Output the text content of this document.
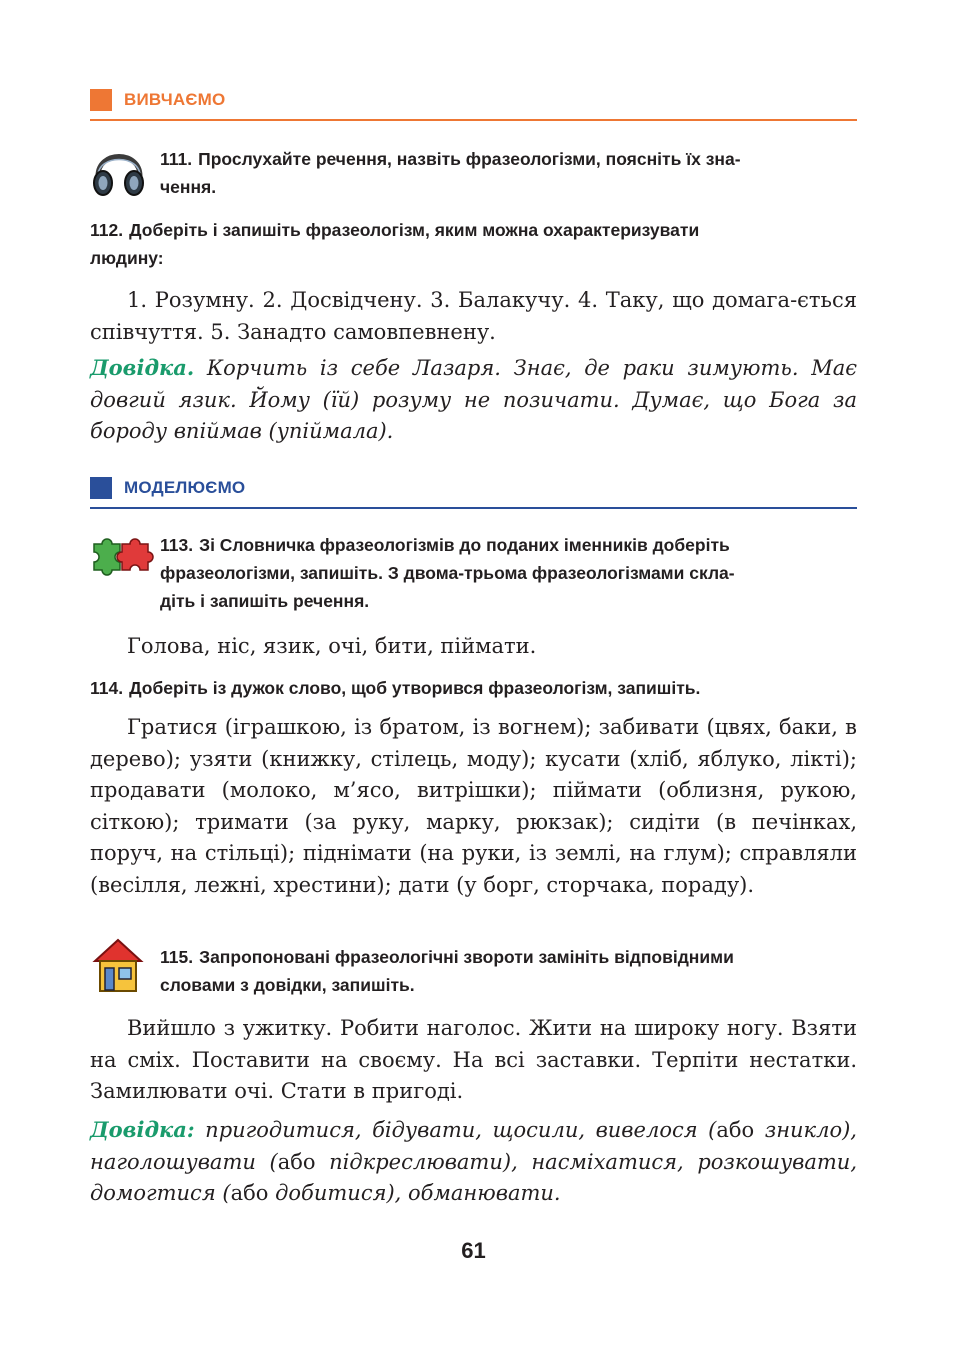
ВИВЧАЄМО
111. Прослухайте речення, назвіть фразеологізми, поясніть їх зна-
чення.
112. Доберіть і запишіть фразеологізм, яким можна охарактеризувати
людину:
1. Розумну. 2. Досвідчену. 3. Балакучу. 4. Таку, що домага-ється співчуття. 5. Занадто самовпевнену.
Довідка. Корчить із себе Лазаря. Знає, де раки зимують. Має довгий язик. Йому (їй) розуму не позичати. Думає, що Бога за бороду впіймав (упіймала).
МОДЕЛЮЄМО
113. Зі Словничка фразеологізмів до поданих іменників доберіть
фразеологізми, запишіть. З двома-трьома фразеологізмами скла-
діть і запишіть речення.
Голова, ніс, язик, очі, бити, піймати.
114. Доберіть із дужок слово, щоб утворився фразеологізм, запишіть.
Гратися (іграшкою, із братом, із вогнем); забивати (цвях, баки, в дерево); узяти (книжку, стілець, моду); кусати (хліб, яблуко, лікті); продавати (молоко, м’ясо, витрішки); піймати (облизня, рукою, сіткою); тримати (за руку, марку, рюкзак); сидіти (в печінках, поруч, на стільці); піднімати (на руки, із землі, на глум); справляли (весілля, лежні, хрестини); дати (у борг, сторчака, пораду).
115. Запропоновані фразеологічні звороти замініть відповідними
словами з довідки, запишіть.
Вийшло з ужитку. Робити наголос. Жити на широку ногу. Взяти на сміх. Поставити на своєму. На всі заставки. Терпіти нестатки. Замилювати очі. Стати в пригоді.
Довідка: пригодитися, бідувати, щосили, вивелося (або зникло), наголошувати (або підкреслювати), насміхатися, розкошувати, домогтися (або добитися), обманювати.
61
